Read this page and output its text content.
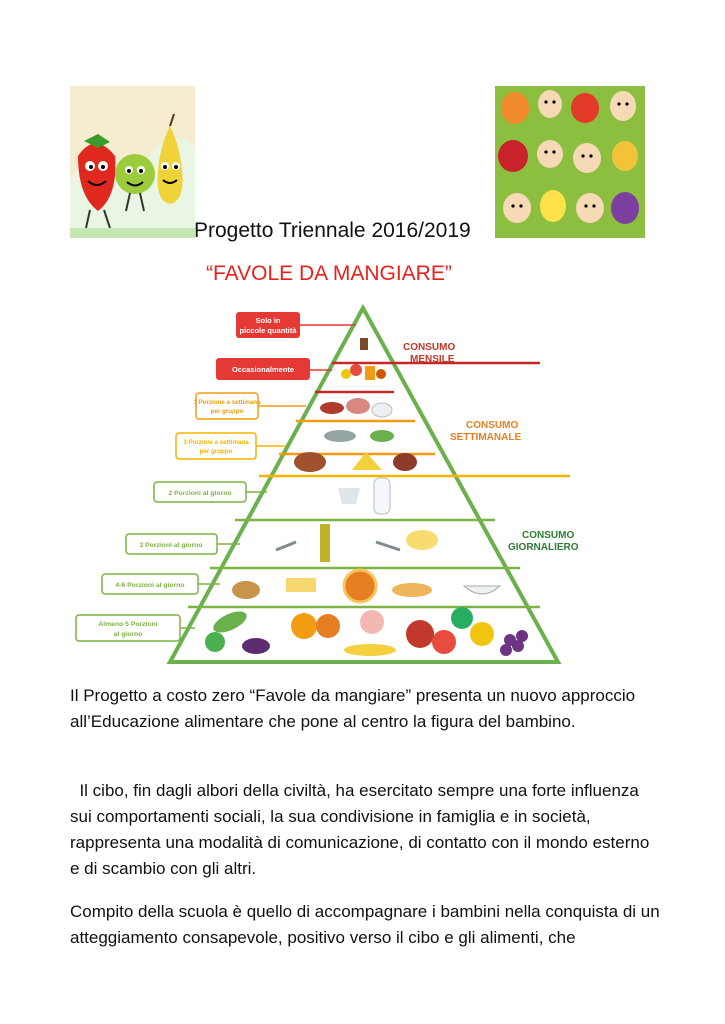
Progetto Triennale 2016/2019
“FAVOLE DA MANGIARE”
Solo in
piccole quantità
Occasionalmente
1 Porzione a settimana
per gruppo
3 Porzioni a settimana
per gruppo
2 Porzioni al giorno
3 Porzioni al giorno
4-6 Porzioni al giorno
Almeno 5 Porzioni
al giorno
CONSUMO
MENSILE
CONSUMO
SETTIMANALE
CONSUMO
GIORNALIERO

Il Progetto a costo zero “Favole da mangiare” presenta un nuovo approccio all’Educazione alimentare che pone al centro la figura del bambino.

Il cibo, fin dagli albori della civiltà, ha esercitato sempre una forte influenza sui comportamenti sociali, la sua condivisione in famiglia e in società, rappresenta una modalità di comunicazione, di contatto con il mondo esterno e di scambio con gli altri.

Compito della scuola è quello di accompagnare i bambini nella conquista di un atteggiamento consapevole, positivo verso il cibo e gli alimenti, che
